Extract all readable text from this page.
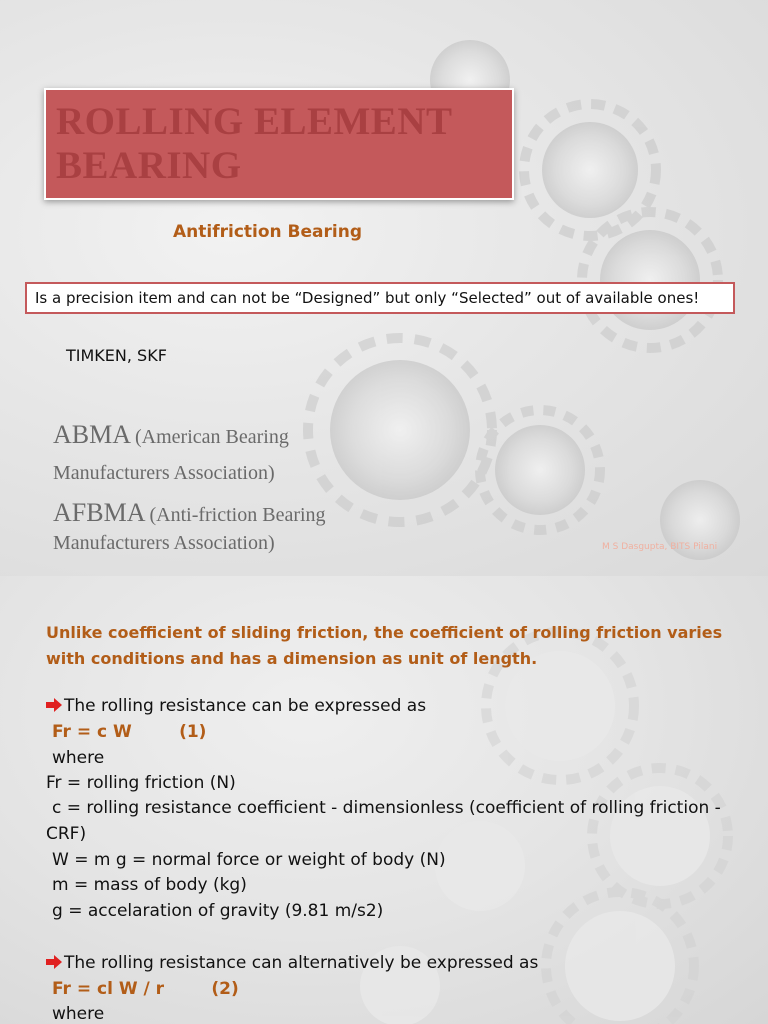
ROLLING ELEMENT BEARING
Antifriction Bearing
Is a precision item and can not be “Designed” but only “Selected” out of available ones!
TIMKEN, SKF
ABMA (American Bearing
Manufacturers Association)
AFBMA (Anti-friction Bearing
Manufacturers Association)	M S Dasgupta, BITS Pilani
Unlike coefficient of sliding friction, the coefficient of rolling friction varies with conditions and has a dimension as unit of length.
The rolling resistance can be expressed as
Fr = c W        (1)
where
Fr = rolling friction (N)
c = rolling resistance coefficient - dimensionless (coefficient of rolling friction -
CRF)
W = m g = normal force or weight of body (N)
m = mass of body (kg)
g = accelaration of gravity (9.81 m/s2)
The rolling resistance can alternatively be expressed as
Fr = cl W / r        (2)
where
